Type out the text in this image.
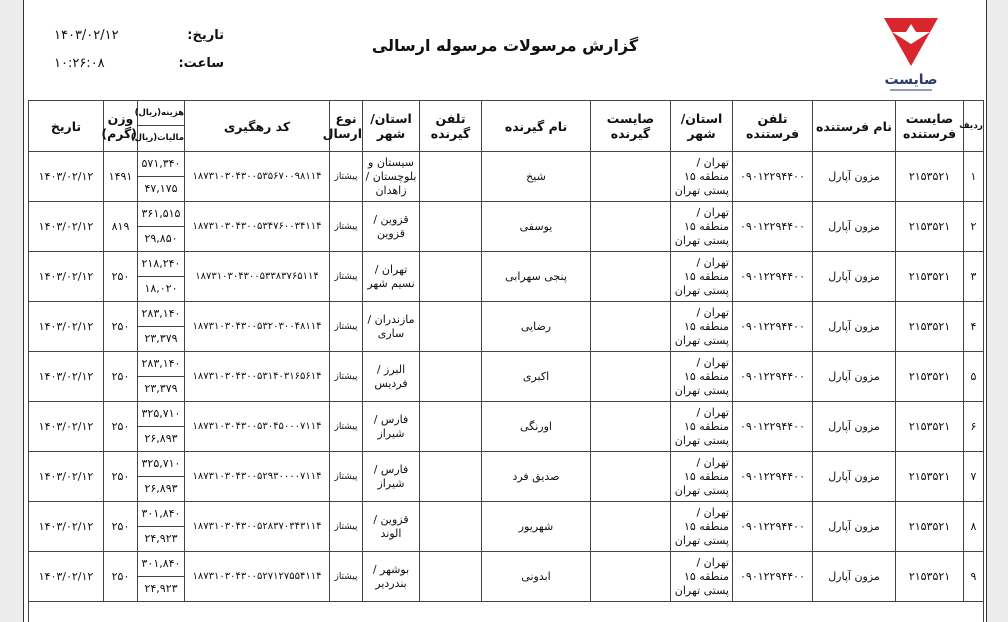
تاریخ:
۱۴۰۳/۰۲/۱۲
ساعت:
۱۰:۲۶:۰۸
گزارش مرسولات مرسوله ارسالی
صایست
ردیف	صایست فرستنده	نام فرستنده	تلفن فرستنده	استان/ شهر	صایست گیرنده	نام گیرنده	تلفن گیرنده	استان/ شهر	نوع ارسال	کد رهگیری	هزینه(ریال)
مالیات(ریال)	وزن (گرم)	تاریخ
۱	۲۱۵۳۵۲۱	مزون آپارل	۰۹۰۱۲۲۹۴۴۰۰	تهران / منطقه ۱۵ پستی تهران		شیخ		سیستان و بلوچستان / زاهدان	پیشتاز	۱۸۷۳۱۰۳۰۴۳۰۰۵۳۵۶۷۰۰۹۸۱۱۴	۵۷۱,۳۴۰
۴۷,۱۷۵	۱۴۹۱	۱۴۰۳/۰۲/۱۲
۲	۲۱۵۳۵۲۱	مزون آپارل	۰۹۰۱۲۲۹۴۴۰۰	تهران / منطقه ۱۵ پستی تهران		یوسفی		قزوین / قزوین	پیشتاز	۱۸۷۳۱۰۳۰۴۳۰۰۵۳۴۷۶۰۰۳۴۱۱۴	۳۶۱,۵۱۵
۲۹,۸۵۰	۸۱۹	۱۴۰۳/۰۲/۱۲
۳	۲۱۵۳۵۲۱	مزون آپارل	۰۹۰۱۲۲۹۴۴۰۰	تهران / منطقه ۱۵ پستی تهران		پنجی سهرابی		تهران / نسیم شهر	پیشتاز	۱۸۷۳۱۰۳۰۴۳۰۰۵۳۳۸۳۷۶۵۱۱۴	۲۱۸,۲۴۰
۱۸,۰۲۰	۲۵۰	۱۴۰۳/۰۲/۱۲
۴	۲۱۵۳۵۲۱	مزون آپارل	۰۹۰۱۲۲۹۴۴۰۰	تهران / منطقه ۱۵ پستی تهران		رضایی		مازندران / ساری	پیشتاز	۱۸۷۳۱۰۳۰۴۳۰۰۵۳۲۰۳۰۰۴۸۱۱۴	۲۸۳,۱۴۰
۲۳,۳۷۹	۲۵۰	۱۴۰۳/۰۲/۱۲
۵	۲۱۵۳۵۲۱	مزون آپارل	۰۹۰۱۲۲۹۴۴۰۰	تهران / منطقه ۱۵ پستی تهران		اکبری		البرز / فردیس	پیشتاز	۱۸۷۳۱۰۳۰۴۳۰۰۵۳۱۴۰۳۱۶۵۶۱۴	۲۸۳,۱۴۰
۲۳,۳۷۹	۲۵۰	۱۴۰۳/۰۲/۱۲
۶	۲۱۵۳۵۲۱	مزون آپارل	۰۹۰۱۲۲۹۴۴۰۰	تهران / منطقه ۱۵ پستی تهران		اورنگی		فارس / شیراز	پیشتاز	۱۸۷۳۱۰۳۰۴۳۰۰۵۳۰۴۵۰۰۰۷۱۱۴	۳۲۵,۷۱۰
۲۶,۸۹۳	۲۵۰	۱۴۰۳/۰۲/۱۲
۷	۲۱۵۳۵۲۱	مزون آپارل	۰۹۰۱۲۲۹۴۴۰۰	تهران / منطقه ۱۵ پستی تهران		صدیق فرد		فارس / شیراز	پیشتاز	۱۸۷۳۱۰۳۰۴۳۰۰۵۲۹۳۰۰۰۰۷۱۱۴	۳۲۵,۷۱۰
۲۶,۸۹۳	۲۵۰	۱۴۰۳/۰۲/۱۲
۸	۲۱۵۳۵۲۱	مزون آپارل	۰۹۰۱۲۲۹۴۴۰۰	تهران / منطقه ۱۵ پستی تهران		شهریور		قزوین / الوند	پیشتاز	۱۸۷۳۱۰۳۰۴۳۰۰۵۲۸۳۷۰۳۴۳۱۱۴	۳۰۱,۸۴۰
۲۴,۹۲۳	۲۵۰	۱۴۰۳/۰۲/۱۲
۹	۲۱۵۳۵۲۱	مزون آپارل	۰۹۰۱۲۲۹۴۴۰۰	تهران / منطقه ۱۵ پستی تهران		ابدونی		بوشهر / بندردیر	پیشتاز	۱۸۷۳۱۰۳۰۴۳۰۰۵۲۷۱۲۷۵۵۴۱۱۴	۳۰۱,۸۴۰
۲۴,۹۲۳	۲۵۰	۱۴۰۳/۰۲/۱۲
